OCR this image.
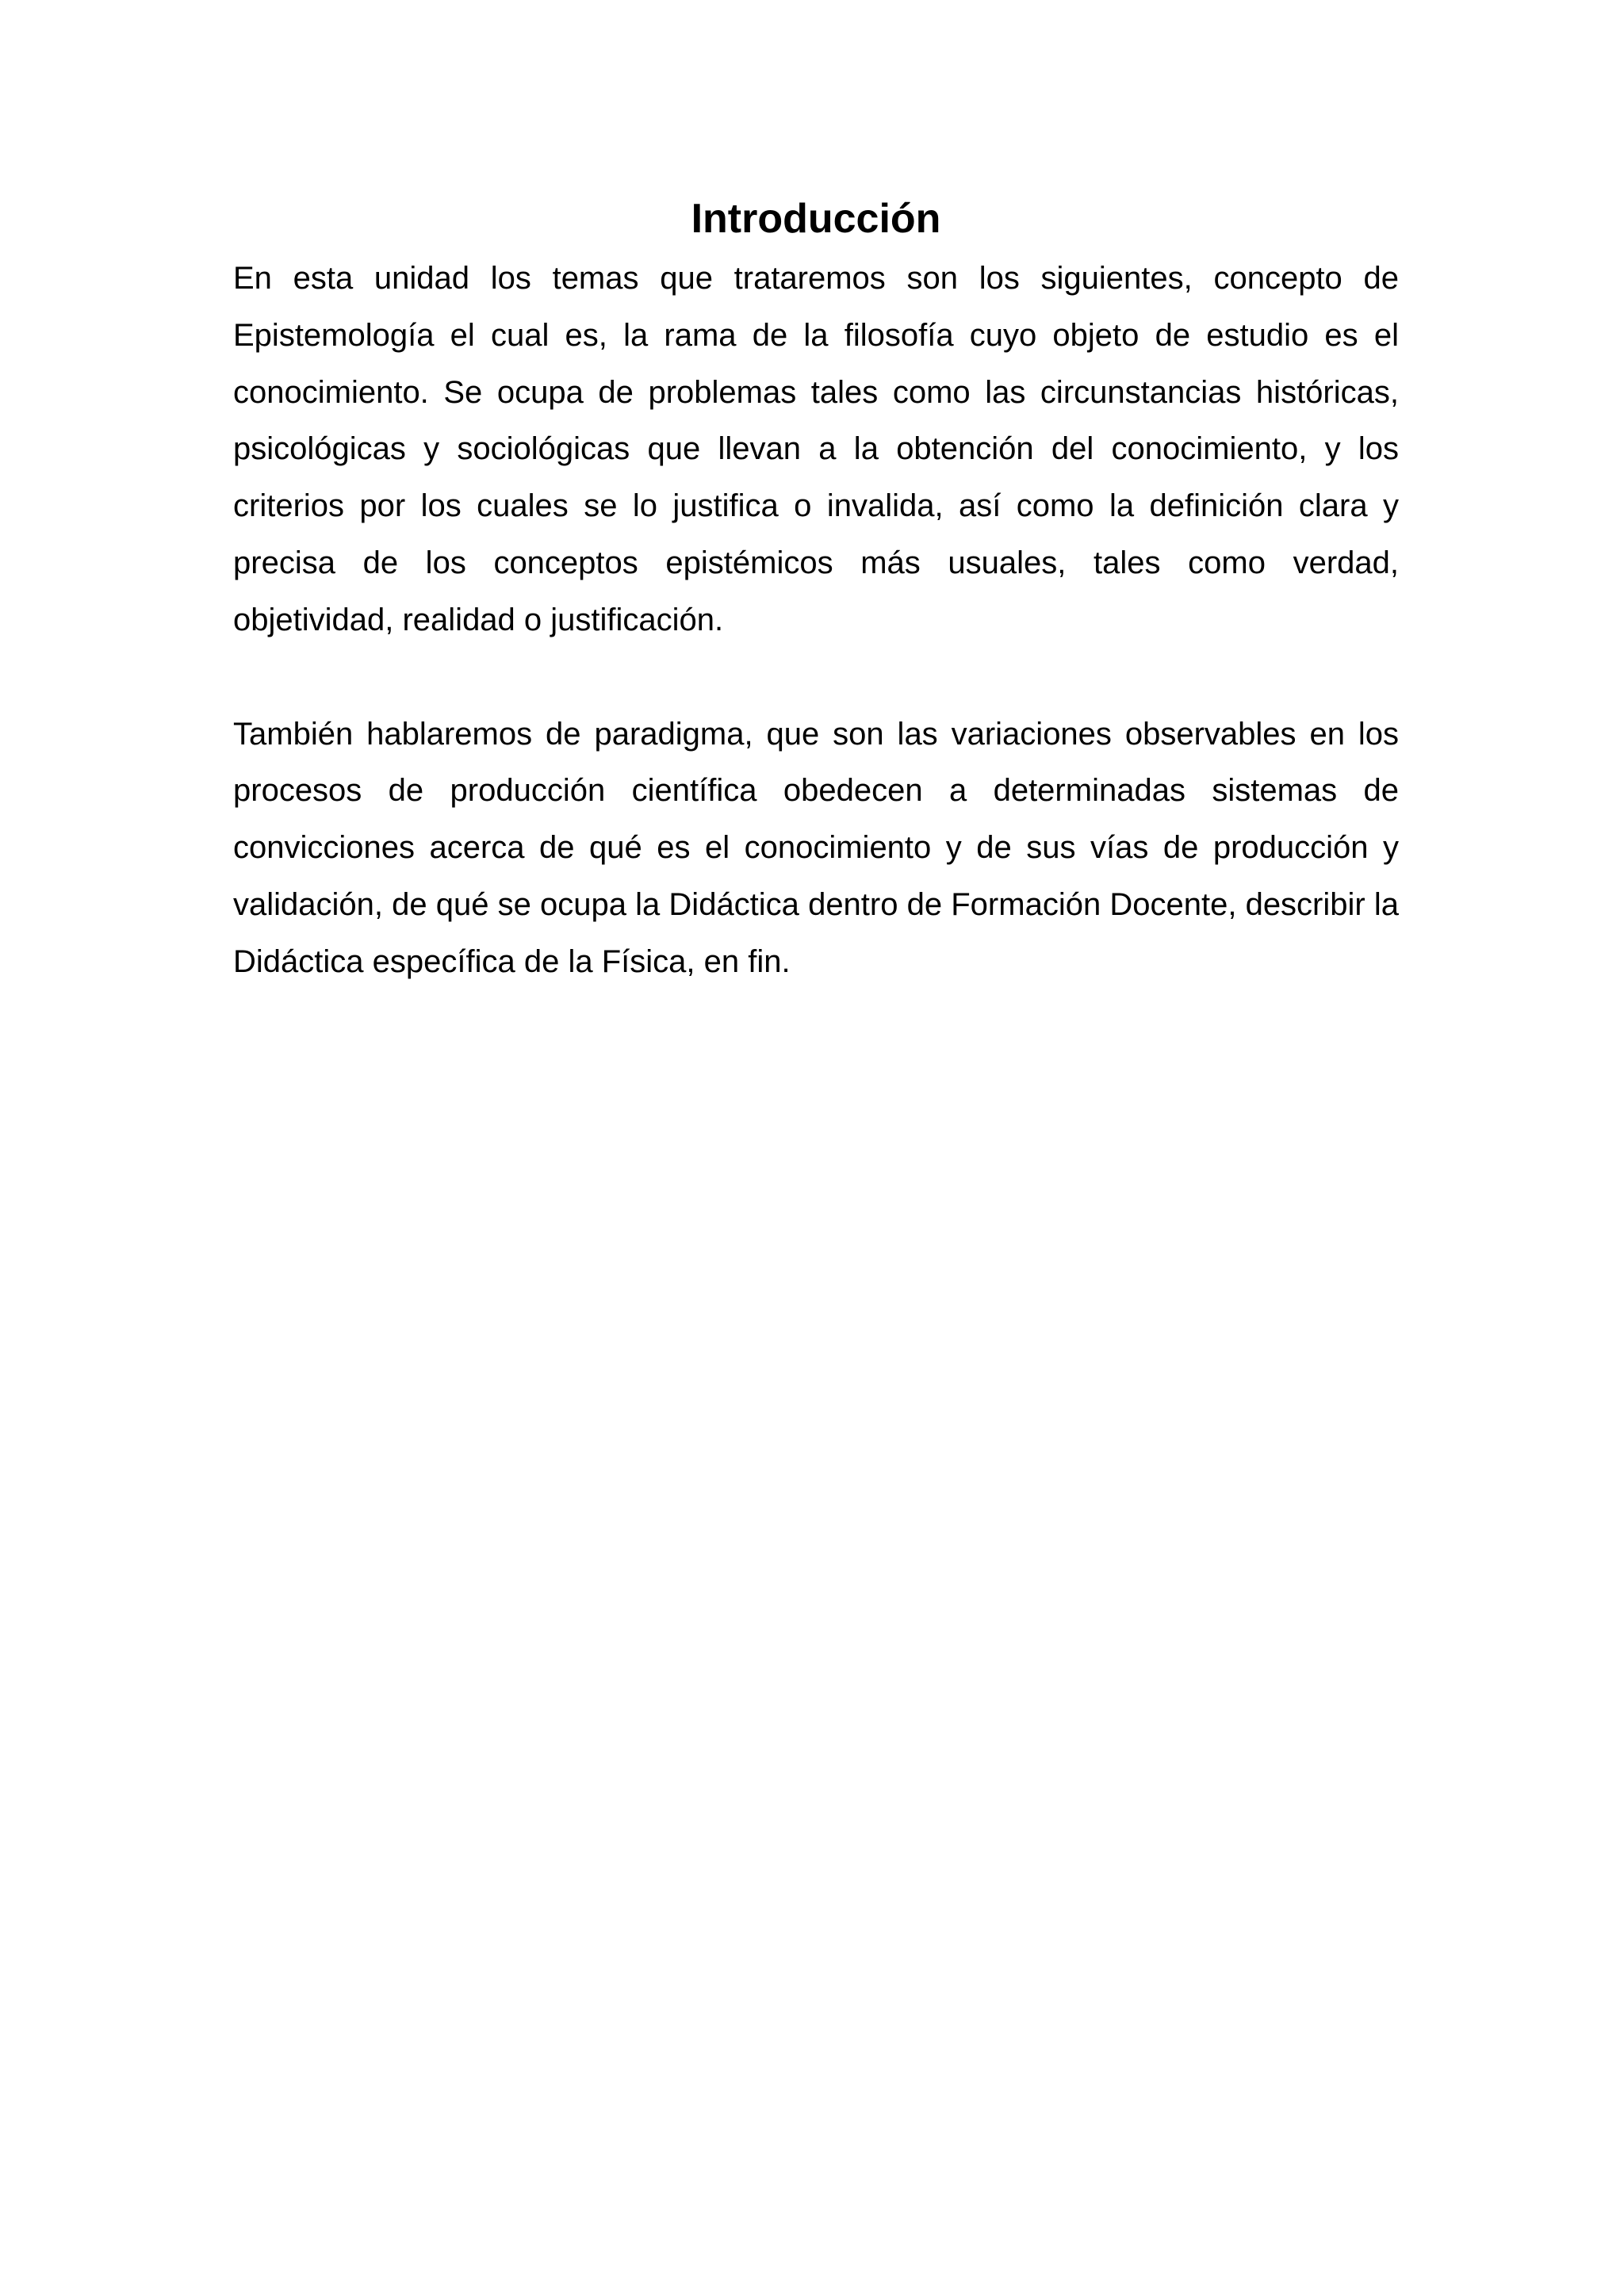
Introducción

En esta unidad los temas que trataremos son los siguientes, concepto de Epistemología el cual es, la rama de la filosofía cuyo objeto de estudio es el conocimiento. Se ocupa de problemas tales como las circunstancias históricas, psicológicas y sociológicas que llevan a la obtención del conocimiento, y los criterios por los cuales se lo justifica o invalida, así como la definición clara y precisa de los conceptos epistémicos más usuales, tales como verdad, objetividad, realidad o justificación.

También hablaremos de paradigma, que son las variaciones observables en los procesos de producción científica obedecen a determinadas sistemas de convicciones acerca de qué es el conocimiento y de sus vías de producción y validación, de qué se ocupa la Didáctica dentro de Formación Docente, describir la Didáctica específica de la Física, en fin.
